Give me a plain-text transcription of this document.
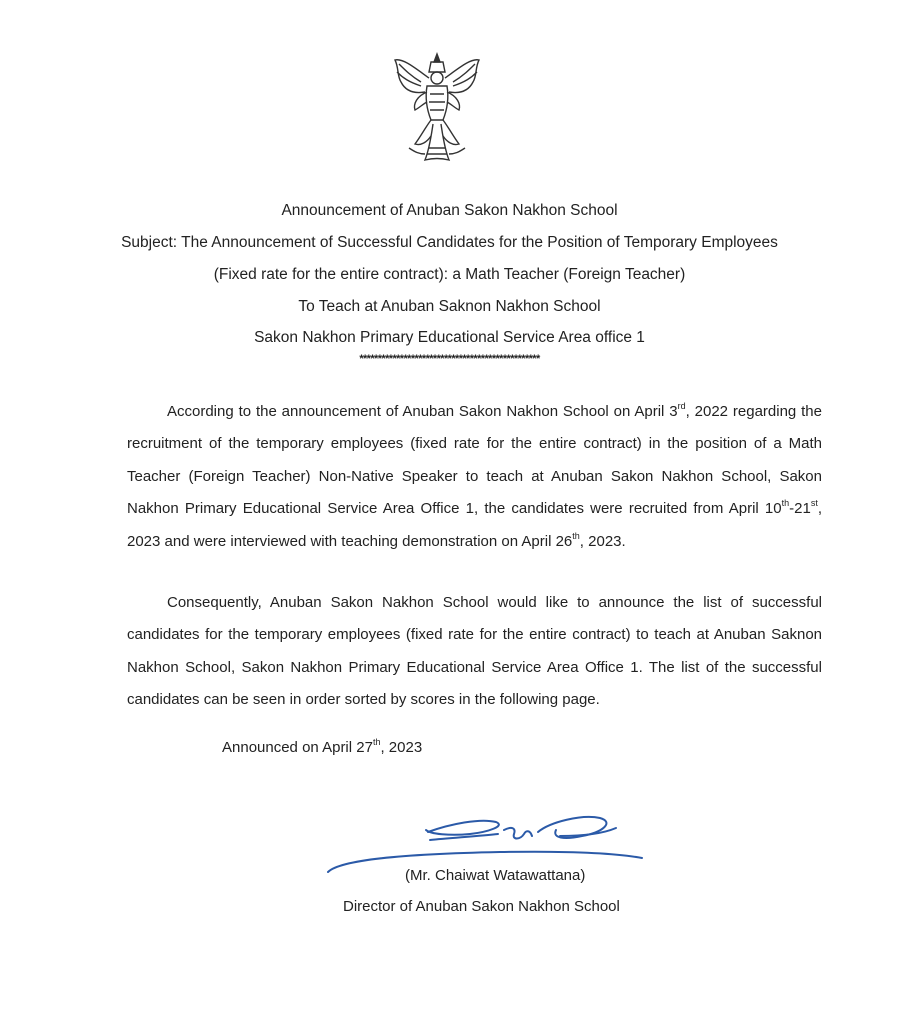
Announcement of Anuban Sakon Nakhon School
Subject: The Announcement of Successful Candidates for the Position of Temporary Employees
(Fixed rate for the entire contract): a Math Teacher (Foreign Teacher)
To Teach at Anuban Saknon Nakhon School
Sakon Nakhon Primary Educational Service Area office 1
*************************************************

According to the announcement of Anuban Sakon Nakhon School on April 3rd, 2022 regarding the recruitment of the temporary employees (fixed rate for the entire contract) in the position of a Math Teacher (Foreign Teacher) Non-Native Speaker to teach at Anuban Sakon Nakhon School, Sakon Nakhon Primary Educational Service Area Office 1, the candidates were recruited from April 10th-21st, 2023 and were interviewed with teaching demonstration on April 26th, 2023.

Consequently, Anuban Sakon Nakhon School would like to announce the list of successful candidates for the temporary employees (fixed rate for the entire contract) to teach at Anuban Saknon Nakhon School, Sakon Nakhon Primary Educational Service Area Office 1. The list of the successful candidates can be seen in order sorted by scores in the following page.

Announced on April 27th, 2023
(Mr. Chaiwat Watawattana)
Director of Anuban Sakon Nakhon School
